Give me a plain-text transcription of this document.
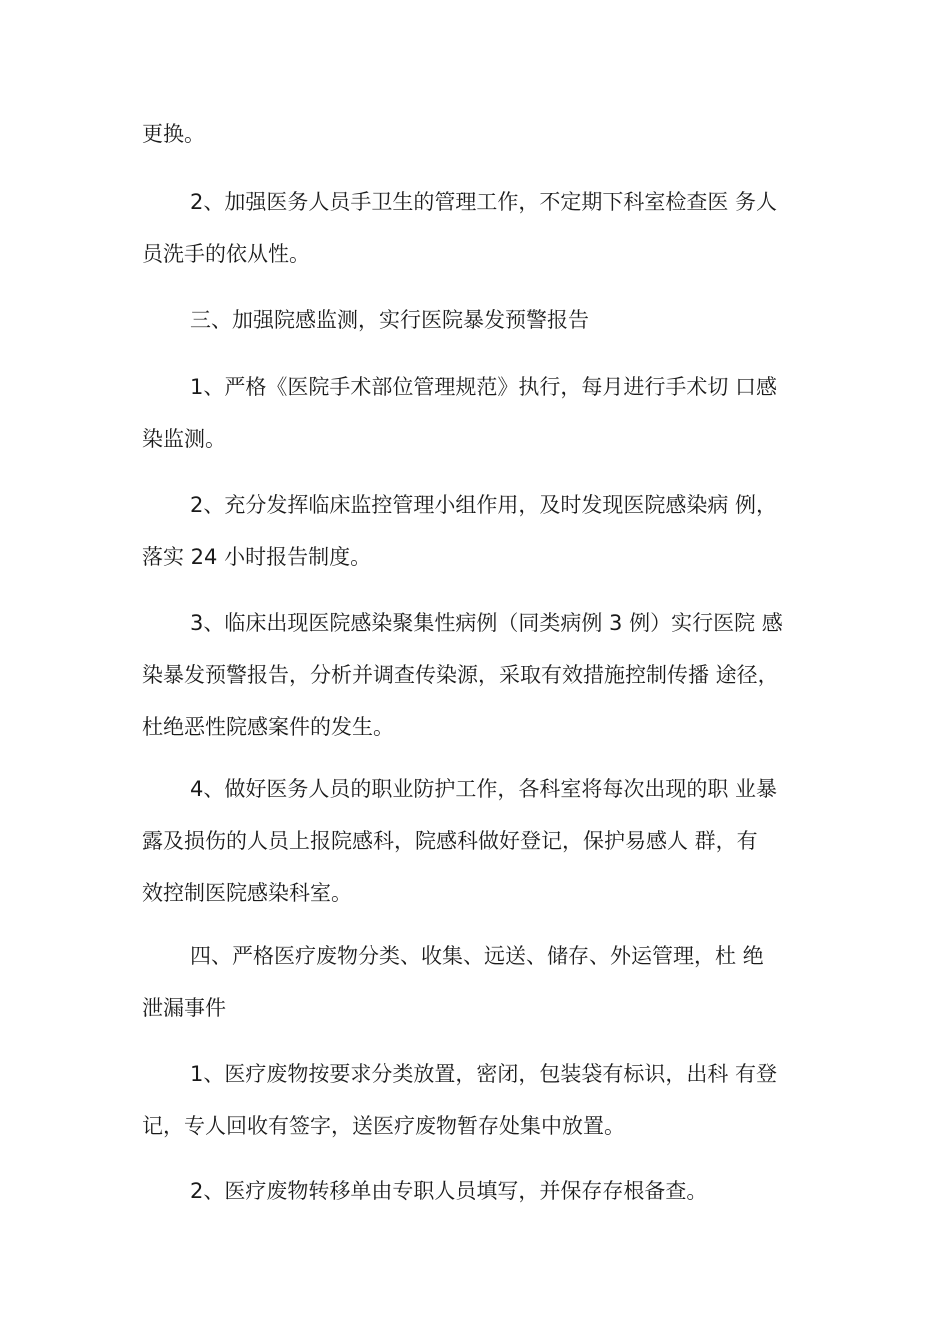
更换。

2、加强医务人员手卫生的管理工作，不定期下科室检查医 务人
员洗手的依从性。

三、加强院感监测，实行医院暴发预警报告

1、严格《医院手术部位管理规范》执行，每月进行手术切 口感
染监测。

2、充分发挥临床监控管理小组作用，及时发现医院感染病 例，
落实 24 小时报告制度。

3、临床出现医院感染聚集性病例（同类病例 3 例）实行医院 感
染暴发预警报告，分析并调查传染源，采取有效措施控制传播 途径，
杜绝恶性院感案件的发生。

4、做好医务人员的职业防护工作，各科室将每次出现的职 业暴
露及损伤的人员上报院感科，院感科做好登记，保护易感人 群，有
效控制医院感染科室。

四、严格医疗废物分类、收集、远送、储存、外运管理，杜 绝
泄漏事件

1、医疗废物按要求分类放置，密闭，包装袋有标识，出科 有登
记，专人回收有签字，送医疗废物暂存处集中放置。

2、医疗废物转移单由专职人员填写，并保存存根备查。
